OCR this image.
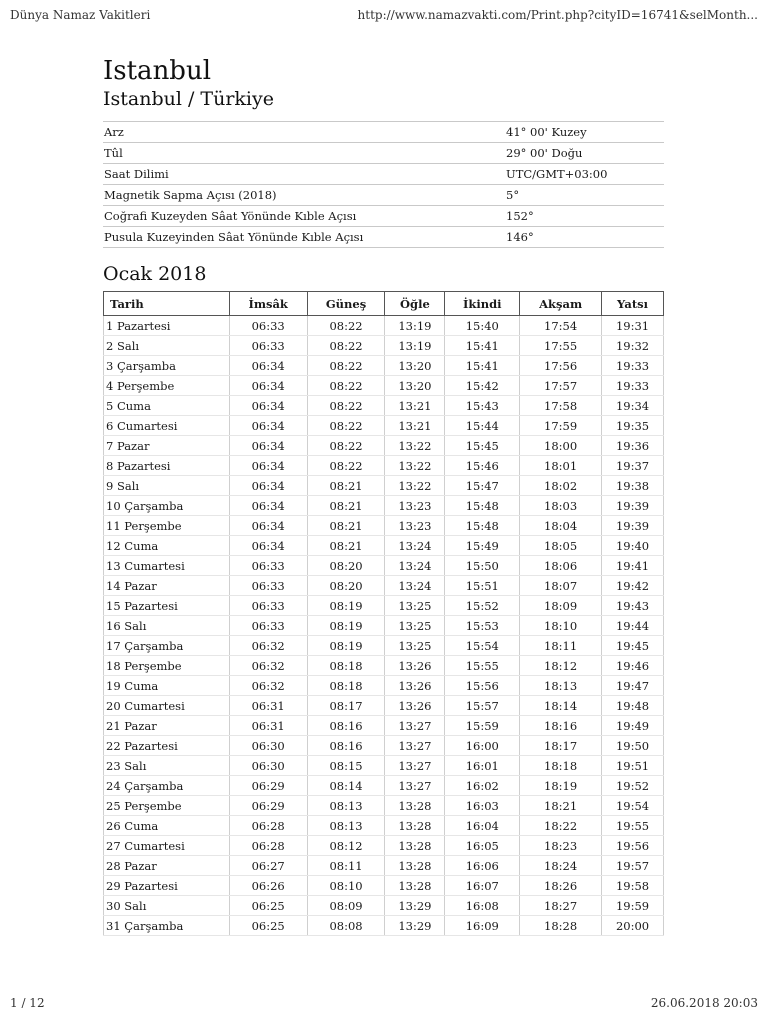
Dünya Namaz Vakitleri	http://www.namazvakti.com/Print.php?cityID=16741&selMonth...
Istanbul
Istanbul / Türkiye
Arz	41° 00' Kuzey
Tûl	29° 00' Doğu
Saat Dilimi	UTC/GMT+03:00
Magnetik Sapma Açısı (2018)	5°
Coğrafi Kuzeyden Sâat Yönünde Kıble Açısı	152°
Pusula Kuzeyinden Sâat Yönünde Kıble Açısı	146°
Ocak 2018
Tarih	İmsâk	Güneş	Öğle	İkindi	Akşam	Yatsı
1 Pazartesi	06:33	08:22	13:19	15:40	17:54	19:31
2 Salı	06:33	08:22	13:19	15:41	17:55	19:32
3 Çarşamba	06:34	08:22	13:20	15:41	17:56	19:33
4 Perşembe	06:34	08:22	13:20	15:42	17:57	19:33
5 Cuma	06:34	08:22	13:21	15:43	17:58	19:34
6 Cumartesi	06:34	08:22	13:21	15:44	17:59	19:35
7 Pazar	06:34	08:22	13:22	15:45	18:00	19:36
8 Pazartesi	06:34	08:22	13:22	15:46	18:01	19:37
9 Salı	06:34	08:21	13:22	15:47	18:02	19:38
10 Çarşamba	06:34	08:21	13:23	15:48	18:03	19:39
11 Perşembe	06:34	08:21	13:23	15:48	18:04	19:39
12 Cuma	06:34	08:21	13:24	15:49	18:05	19:40
13 Cumartesi	06:33	08:20	13:24	15:50	18:06	19:41
14 Pazar	06:33	08:20	13:24	15:51	18:07	19:42
15 Pazartesi	06:33	08:19	13:25	15:52	18:09	19:43
16 Salı	06:33	08:19	13:25	15:53	18:10	19:44
17 Çarşamba	06:32	08:19	13:25	15:54	18:11	19:45
18 Perşembe	06:32	08:18	13:26	15:55	18:12	19:46
19 Cuma	06:32	08:18	13:26	15:56	18:13	19:47
20 Cumartesi	06:31	08:17	13:26	15:57	18:14	19:48
21 Pazar	06:31	08:16	13:27	15:59	18:16	19:49
22 Pazartesi	06:30	08:16	13:27	16:00	18:17	19:50
23 Salı	06:30	08:15	13:27	16:01	18:18	19:51
24 Çarşamba	06:29	08:14	13:27	16:02	18:19	19:52
25 Perşembe	06:29	08:13	13:28	16:03	18:21	19:54
26 Cuma	06:28	08:13	13:28	16:04	18:22	19:55
27 Cumartesi	06:28	08:12	13:28	16:05	18:23	19:56
28 Pazar	06:27	08:11	13:28	16:06	18:24	19:57
29 Pazartesi	06:26	08:10	13:28	16:07	18:26	19:58
30 Salı	06:25	08:09	13:29	16:08	18:27	19:59
31 Çarşamba	06:25	08:08	13:29	16:09	18:28	20:00
1 / 12	26.06.2018 20:03
